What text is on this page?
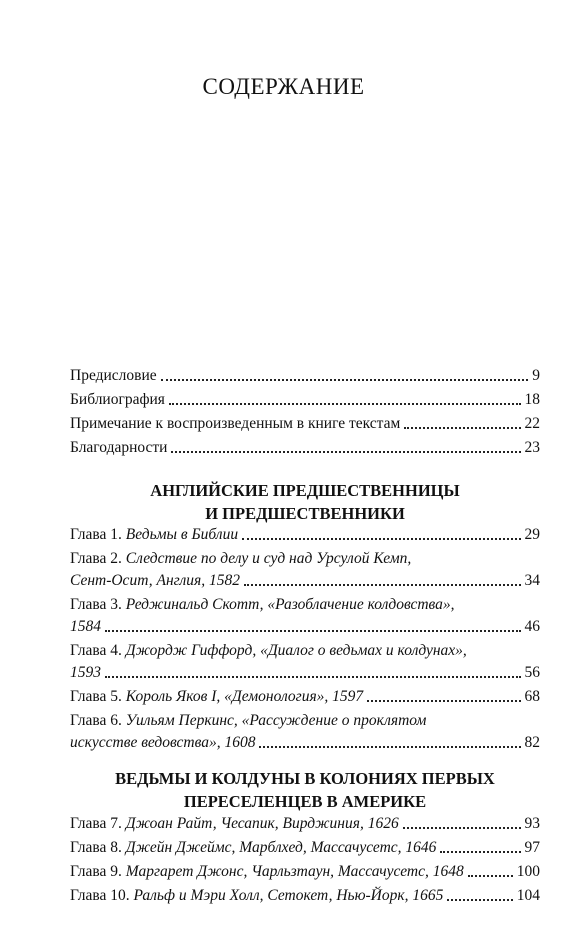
СОДЕРЖАНИЕ
Предисловие	9
Библиография	18
Примечание к воспроизведенным в книге текстам	22
Благодарности	23
АНГЛИЙСКИЕ ПРЕДШЕСТВЕННИЦЫ
И ПРЕДШЕСТВЕННИКИ
Глава 1. Ведьмы в Библии	29
Глава 2. Следствие по делу и суд над Урсулой Кемп,
Сент-Осит, Англия, 1582	34
Глава 3. Реджинальд Скотт, «Разоблачение колдовства»,
1584	46
Глава 4. Джордж Гиффорд, «Диалог о ведьмах и колдунах»,
1593	56
Глава 5. Король Яков I, «Демонология», 1597	68
Глава 6. Уильям Перкинс, «Рассуждение о проклятом
искусстве ведовства», 1608	82
ВЕДЬМЫ И КОЛДУНЫ В КОЛОНИЯХ ПЕРВЫХ
ПЕРЕСЕЛЕНЦЕВ В АМЕРИКЕ
Глава 7. Джоан Райт, Чесапик, Вирджиния, 1626	93
Глава 8. Джейн Джеймс, Марблхед, Массачусетс, 1646	97
Глава 9. Маргарет Джонс, Чарльзтаун, Массачусетс, 1648	100
Глава 10. Ральф и Мэри Холл, Сетокет, Нью-Йорк, 1665	104
